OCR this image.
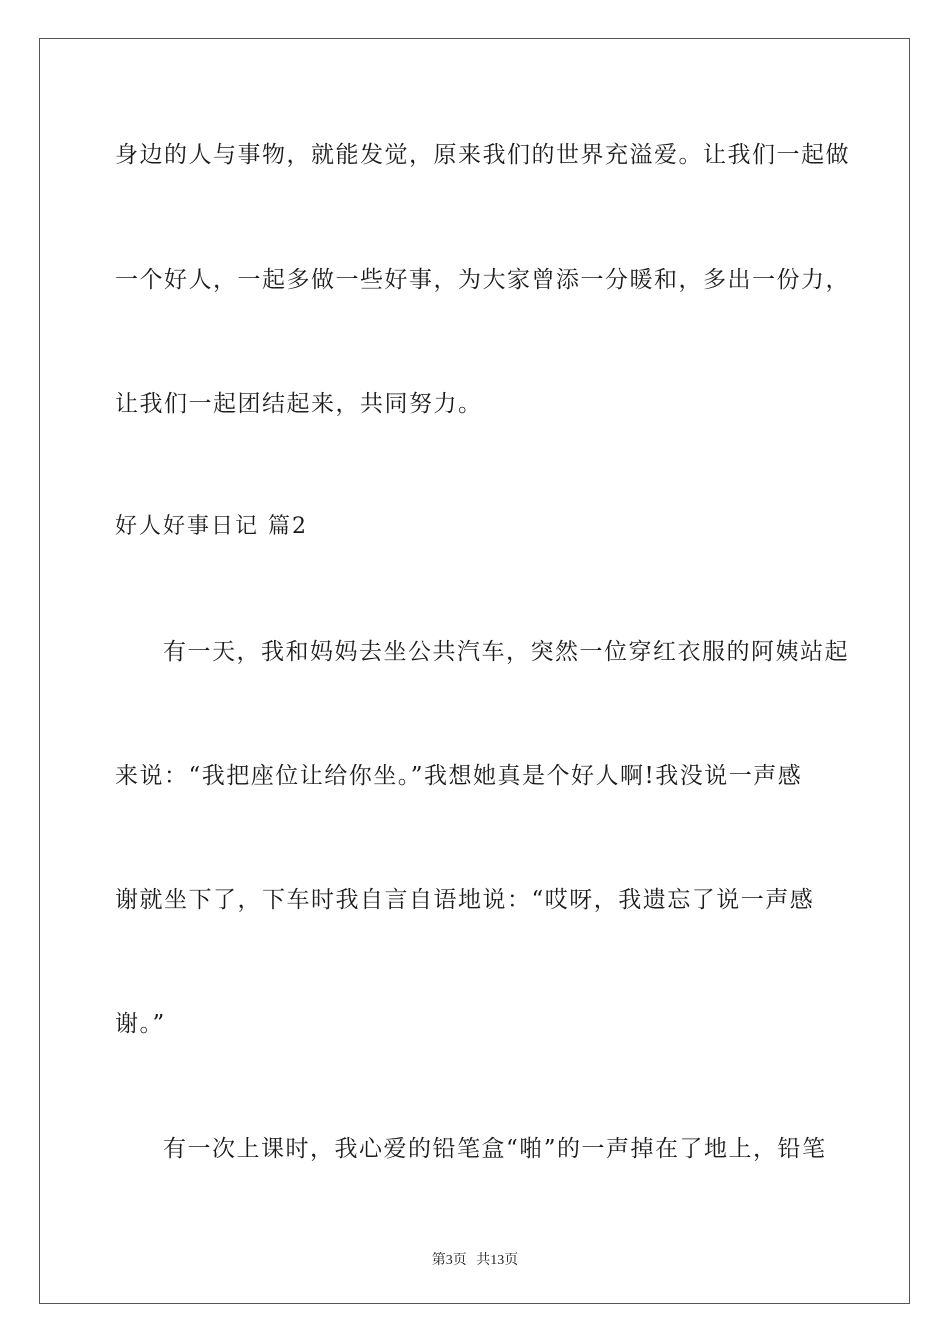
身边的人与事物，就能发觉，原来我们的世界充溢爱。让我们一起做
一个好人，一起多做一些好事，为大家曾添一分暖和，多出一份力，
让我们一起团结起来，共同努力。
好人好事日记 篇2
有一天，我和妈妈去坐公共汽车，突然一位穿红衣服的阿姨站起
来说：“我把座位让给你坐。”我想她真是个好人啊!我没说一声感
谢就坐下了，下车时我自言自语地说：“哎呀，我遗忘了说一声感
谢。”
有一次上课时，我心爱的铅笔盒“啪”的一声掉在了地上，铅笔
第3页 共13页
